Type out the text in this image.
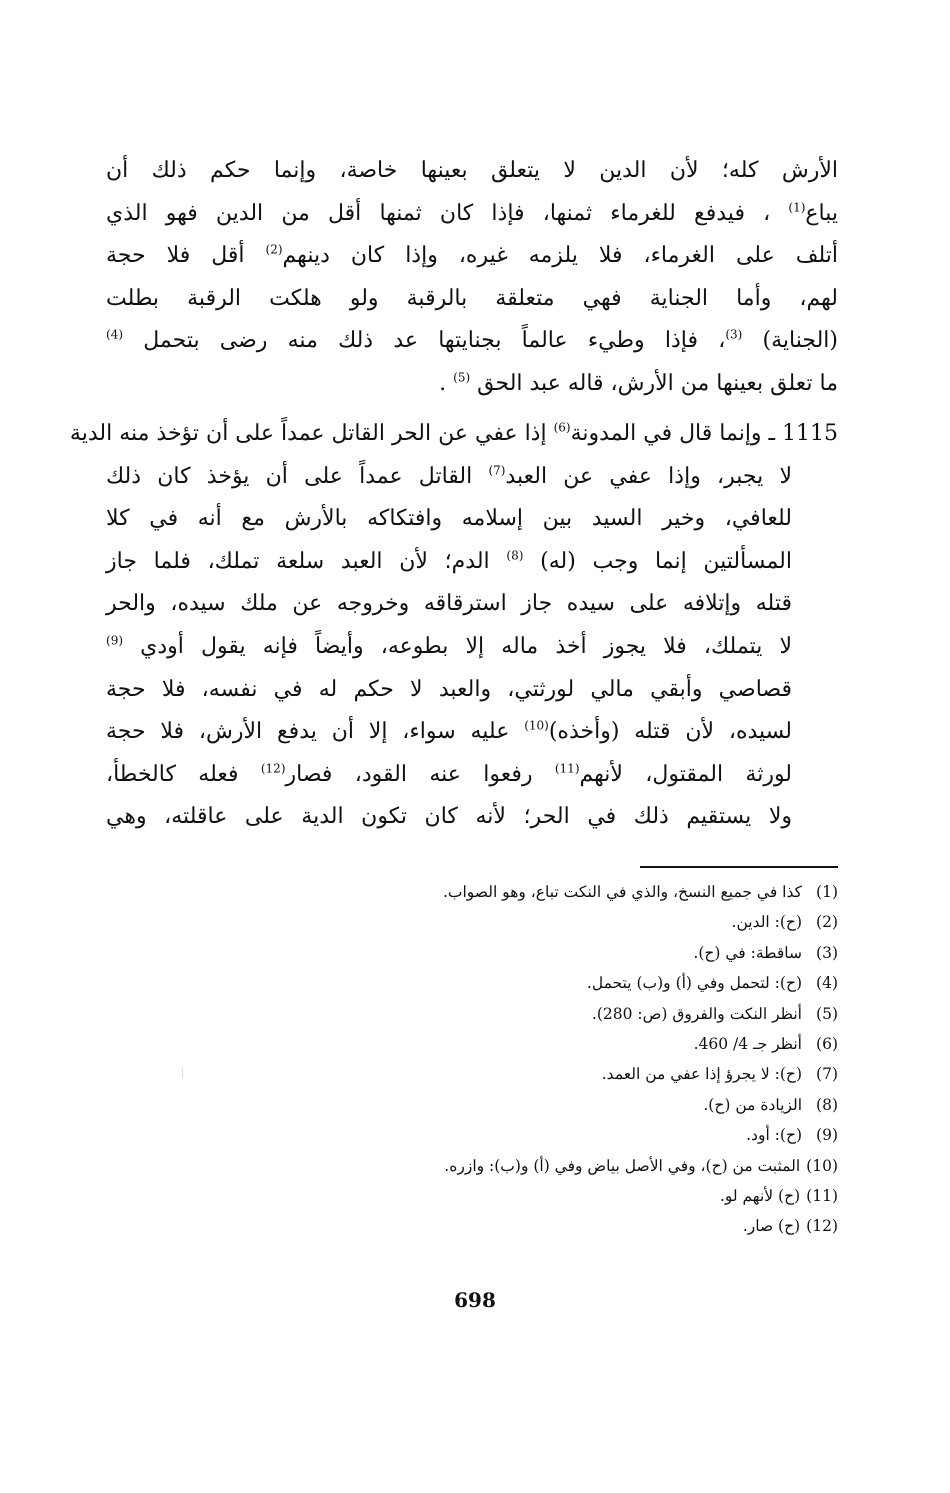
الأرش كله؛ لأن الدين لا يتعلق بعينها خاصة، وإنما حكم ذلك أن
يباع$^{(1)}$ ، فيدفع للغرماء ثمنها، فإذا كان ثمنها أقل من الدين فهو الذي
أتلف على الغرماء، فلا يلزمه غيره، وإذا كان دينهم$^{(2)}$ أقل فلا حجة
لهم، وأما الجناية فهي متعلقة بالرقبة ولو هلكت الرقبة بطلت
(الجناية) $^{(3)}$، فإذا وطيء عالماً بجنايتها عد ذلك منه رضى بتحمل $^{(4)}$
ما تعلق بعينها من الأرش، قاله عبد الحق $^{(5)}$ .
1115 ـ وإنما قال في المدونة$^{(6)}$ إذا عفي عن الحر القاتل عمداً على أن تؤخذ منه الدية
لا يجبر، وإذا عفي عن العبد$^{(7)}$ القاتل عمداً على أن يؤخذ كان ذلك
للعافي، وخير السيد بين إسلامه وافتكاكه بالأرش مع أنه في كلا
المسألتين إنما وجب (له) $^{(8)}$ الدم؛ لأن العبد سلعة تملك، فلما جاز
قتله وإتلافه على سيده جاز استرقاقه وخروجه عن ملك سيده، والحر
لا يتملك، فلا يجوز أخذ ماله إلا بطوعه، وأيضاً فإنه يقول أودي $^{(9)}$
قصاصي وأبقي مالي لورثتي، والعبد لا حكم له في نفسه، فلا حجة
لسيده، لأن قتله (وأخذه)$^{(10)}$ عليه سواء، إلا أن يدفع الأرش، فلا حجة
لورثة المقتول، لأنهم$^{(11)}$ رفعوا عنه القود، فصار$^{(12)}$ فعله كالخطأ،
ولا يستقيم ذلك في الحر؛ لأنه كان تكون الدية على عاقلته، وهي
(1)كذا في جميع النسخ، والذي في النكت تباع، وهو الصواب.
(2)(ح): الدين.
(3)ساقطة: في (ح).
(4)(ح): لتحمل وفي (أ) و(ب) يتحمل.
(5)أنظر النكت والفروق (ص: 280).
(6)أنظر جـ 4/ 460.
(7)(ح): لا يجرؤ إذا عفي من العمد.
(8)الزيادة من (ح).
(9)(ح): أود.
(10)المثبت من (ح)، وفي الأصل بياض وفي (أ) و(ب): وازره.
(11)(ح) لأنهم لو.
(12)(ح) صار.
698
